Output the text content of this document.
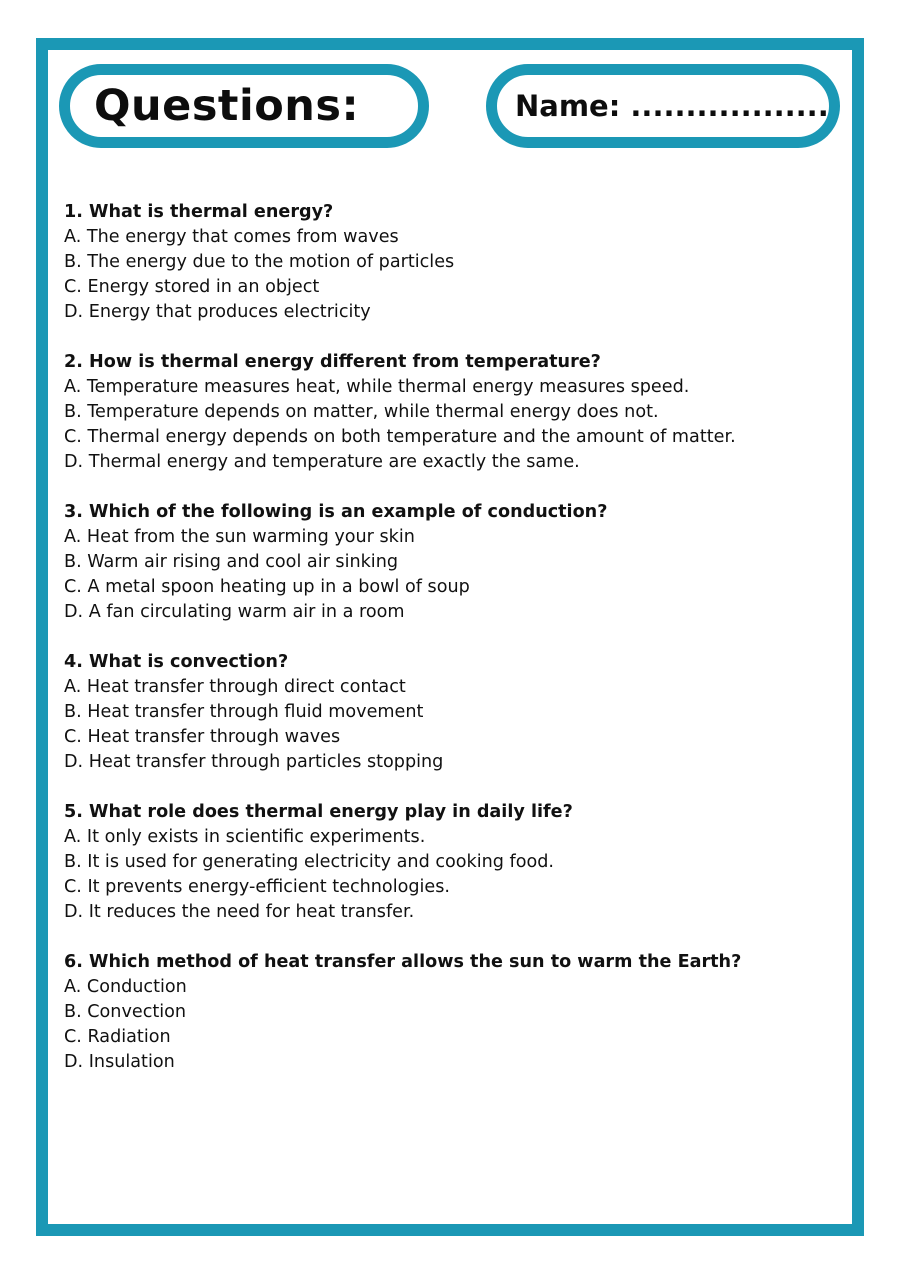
Questions:	Name: ..................
1. What is thermal energy?
A. The energy that comes from waves
B. The energy due to the motion of particles
C. Energy stored in an object
D. Energy that produces electricity
2. How is thermal energy different from temperature?
A. Temperature measures heat, while thermal energy measures speed.
B. Temperature depends on matter, while thermal energy does not.
C. Thermal energy depends on both temperature and the amount of matter.
D. Thermal energy and temperature are exactly the same.
3. Which of the following is an example of conduction?
A. Heat from the sun warming your skin
B. Warm air rising and cool air sinking
C. A metal spoon heating up in a bowl of soup
D. A fan circulating warm air in a room
4. What is convection?
A. Heat transfer through direct contact
B. Heat transfer through fluid movement
C. Heat transfer through waves
D. Heat transfer through particles stopping
5. What role does thermal energy play in daily life?
A. It only exists in scientific experiments.
B. It is used for generating electricity and cooking food.
C. It prevents energy-efficient technologies.
D. It reduces the need for heat transfer.
6. Which method of heat transfer allows the sun to warm the Earth?
A. Conduction
B. Convection
C. Radiation
D. Insulation
